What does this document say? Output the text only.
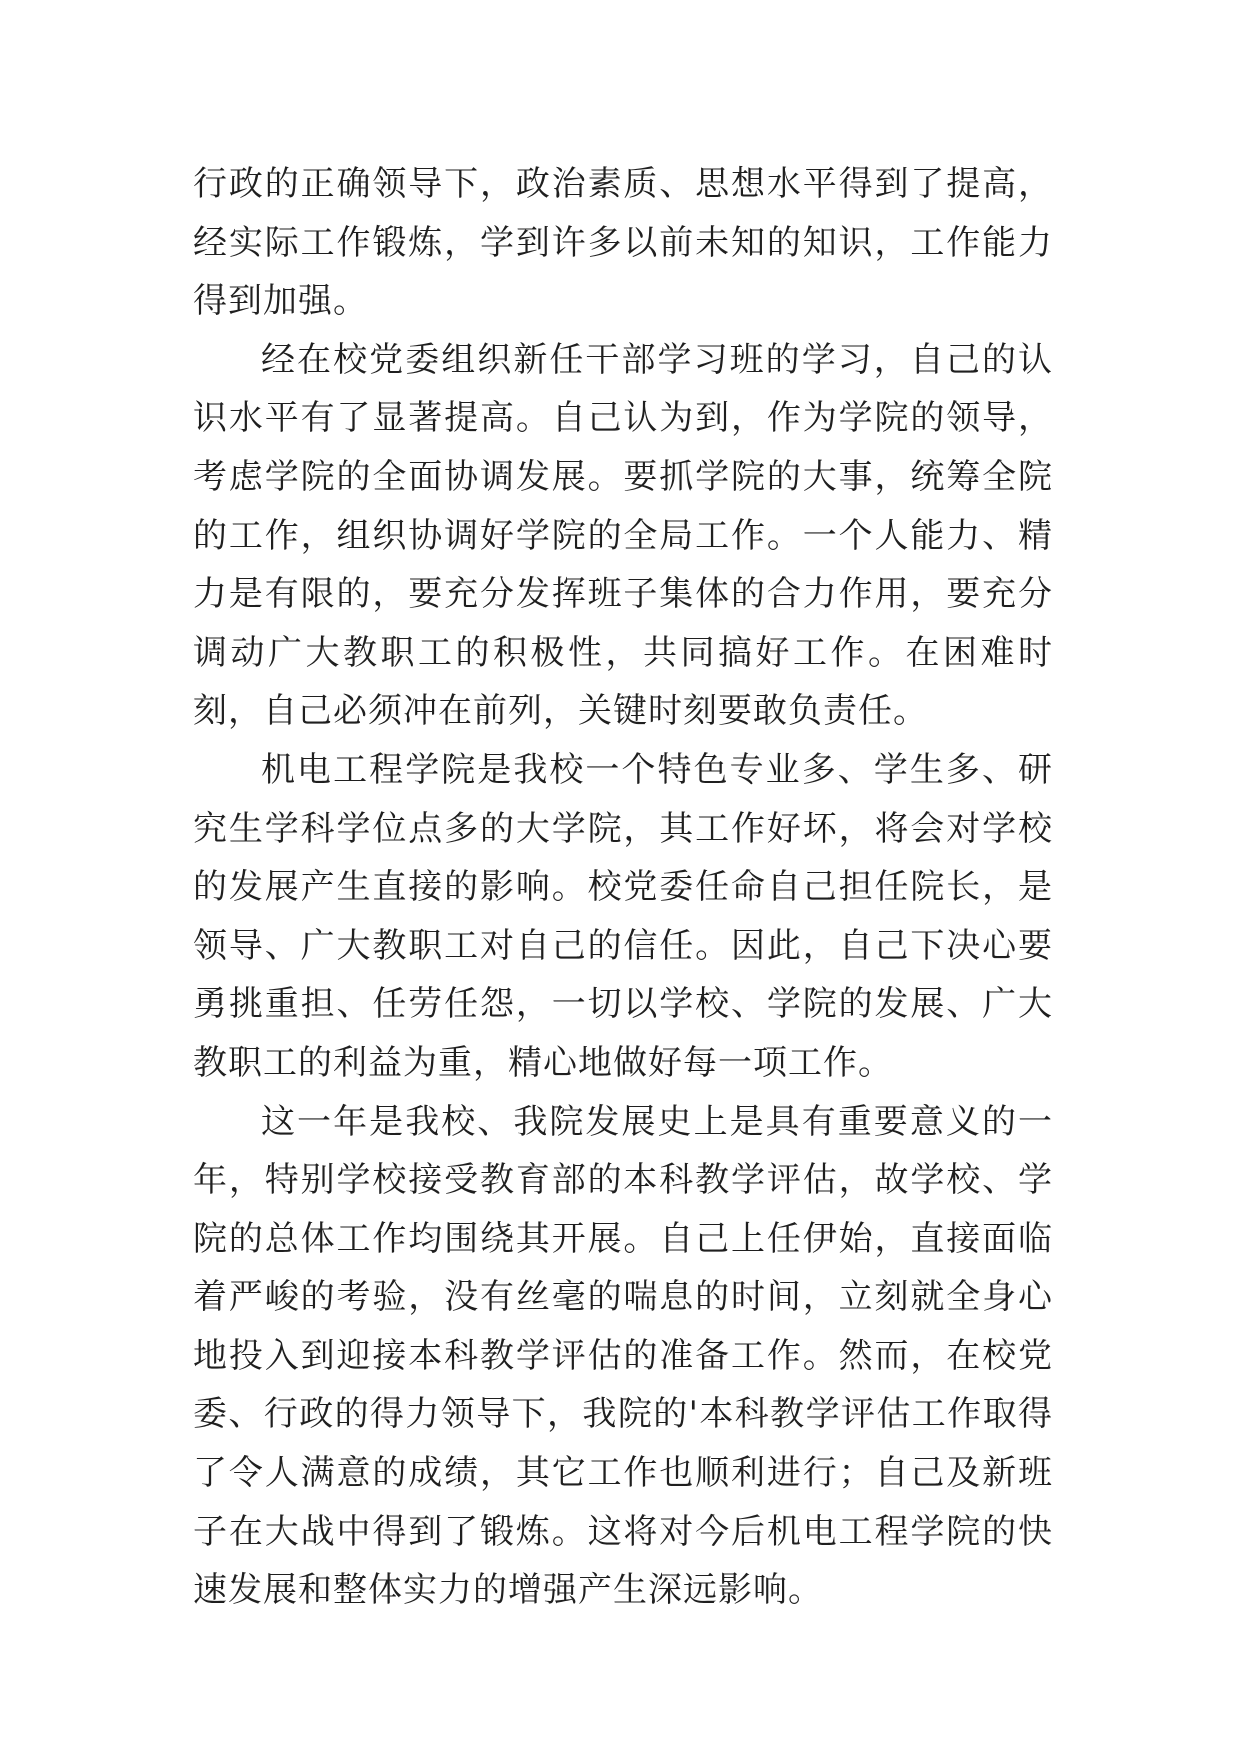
行政的正确领导下，政治素质、思想水平得到了提高，经实际工作锻炼，学到许多以前未知的知识，工作能力得到加强。

经在校党委组织新任干部学习班的学习，自己的认识水平有了显著提高。自己认为到，作为学院的领导，考虑学院的全面协调发展。要抓学院的大事，统筹全院的工作，组织协调好学院的全局工作。一个人能力、精力是有限的，要充分发挥班子集体的合力作用，要充分调动广大教职工的积极性，共同搞好工作。在困难时刻，自己必须冲在前列，关键时刻要敢负责任。

机电工程学院是我校一个特色专业多、学生多、研究生学科学位点多的大学院，其工作好坏，将会对学校的发展产生直接的影响。校党委任命自己担任院长，是领导、广大教职工对自己的信任。因此，自己下决心要勇挑重担、任劳任怨，一切以学校、学院的发展、广大教职工的利益为重，精心地做好每一项工作。

这一年是我校、我院发展史上是具有重要意义的一年，特别学校接受教育部的本科教学评估，故学校、学院的总体工作均围绕其开展。自己上任伊始，直接面临着严峻的考验，没有丝毫的喘息的时间，立刻就全身心地投入到迎接本科教学评估的准备工作。然而，在校党委、行政的得力领导下，我院的'本科教学评估工作取得了令人满意的成绩，其它工作也顺利进行；自己及新班子在大战中得到了锻炼。这将对今后机电工程学院的快速发展和整体实力的增强产生深远影响。
